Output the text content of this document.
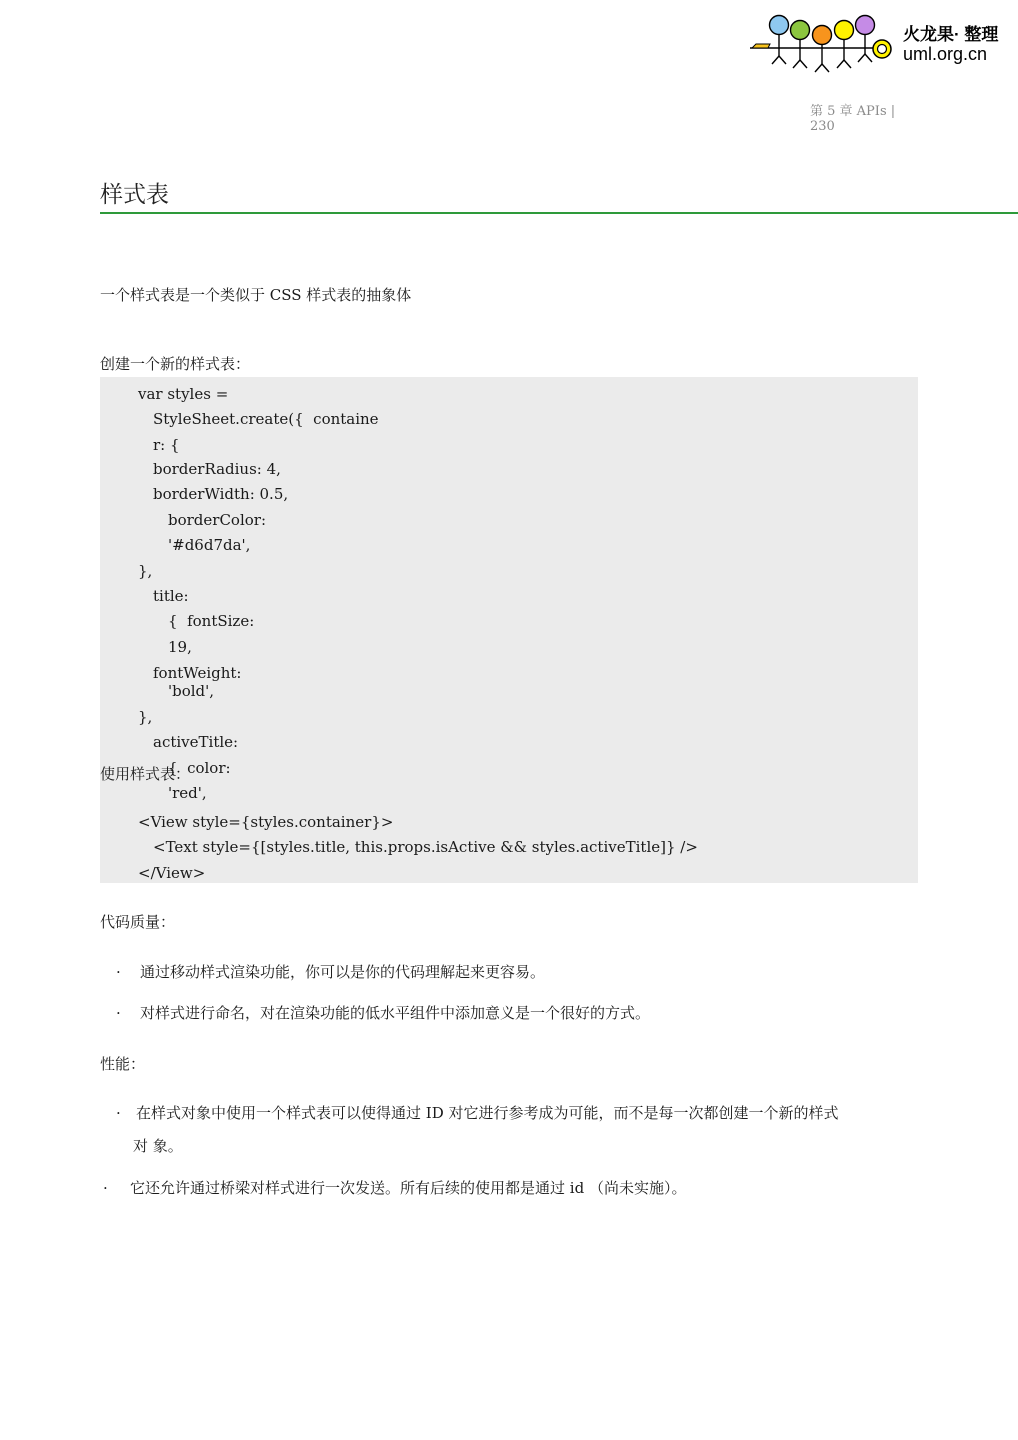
火龙果· 整理
uml.org.cn
第 5 章 APIs | 230
样式表
一个样式表是一个类似于 CSS 样式表的抽象体
创建一个新的样式表：
var styles =
StyleSheet.create({  containe
r: {
borderRadius: 4,
borderWidth: 0.5,
borderColor:
'#d6d7da',
},
title:
{  fontSize:
19,
fontWeight:
'bold',
},
activeTitle:
{  color:
'red',
<View style={styles.container}>
<Text style={[styles.title, this.props.isActive && styles.activeTitle]} />
</View>
使用样式表：
代码质量：
· 通过移动样式渲染功能，你可以是你的代码理解起来更容易。
· 对样式进行命名，对在渲染功能的低水平组件中添加意义是一个很好的方式。
性能：
· 在样式对象中使用一个样式表可以使得通过 ID 对它进行参考成为可能，而不是每一次都创建一个新的样式
对 象。
· 它还允许通过桥梁对样式进行一次发送。所有后续的使用都是通过 id （尚未实施）。
